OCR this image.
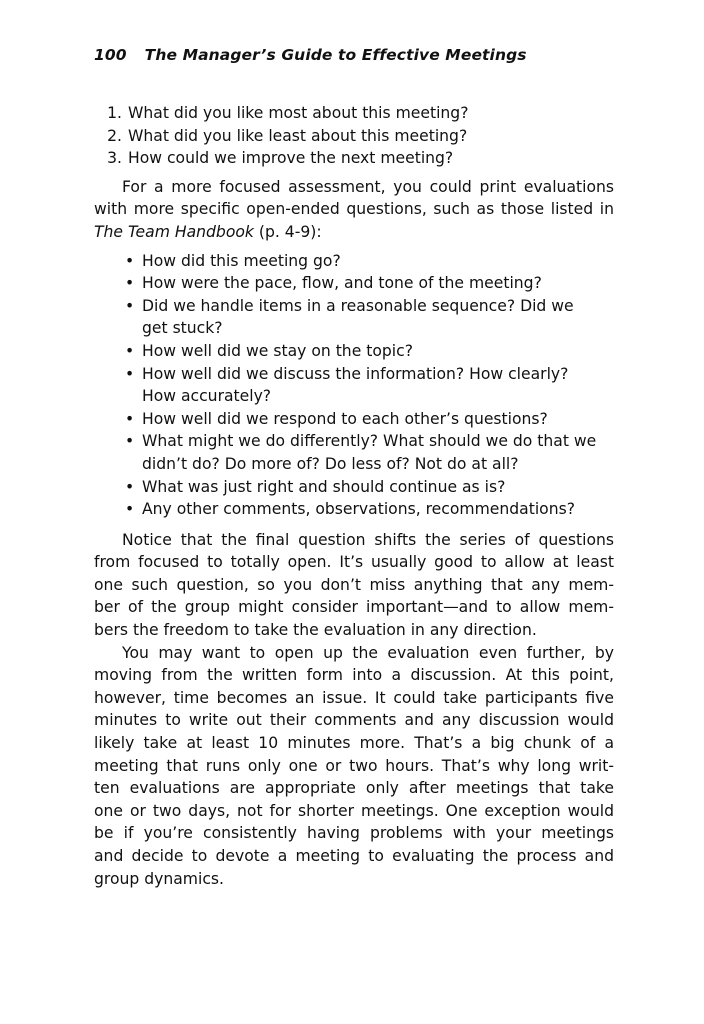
100 The Manager’s Guide to Effective Meetings
1. What did you like most about this meeting?
2. What did you like least about this meeting?
3. How could we improve the next meeting?

For a more focused assessment, you could print evaluations
with more specific open-ended questions, such as those listed in
The Team Handbook (p. 4-9):

• How did this meeting go?
• How were the pace, flow, and tone of the meeting?
• Did we handle items in a reasonable sequence? Did we
get stuck?
• How well did we stay on the topic?
• How well did we discuss the information? How clearly?
How accurately?
• How well did we respond to each other’s questions?
• What might we do differently? What should we do that we
didn’t do? Do more of? Do less of? Not do at all?
• What was just right and should continue as is?
• Any other comments, observations, recommendations?

Notice that the final question shifts the series of questions
from focused to totally open. It’s usually good to allow at least
one such question, so you don’t miss anything that any mem-
ber of the group might consider important—and to allow mem-
bers the freedom to take the evaluation in any direction.

You may want to open up the evaluation even further, by
moving from the written form into a discussion. At this point,
however, time becomes an issue. It could take participants five
minutes to write out their comments and any discussion would
likely take at least 10 minutes more. That’s a big chunk of a
meeting that runs only one or two hours. That’s why long writ-
ten evaluations are appropriate only after meetings that take
one or two days, not for shorter meetings. One exception would
be if you’re consistently having problems with your meetings
and decide to devote a meeting to evaluating the process and
group dynamics.
